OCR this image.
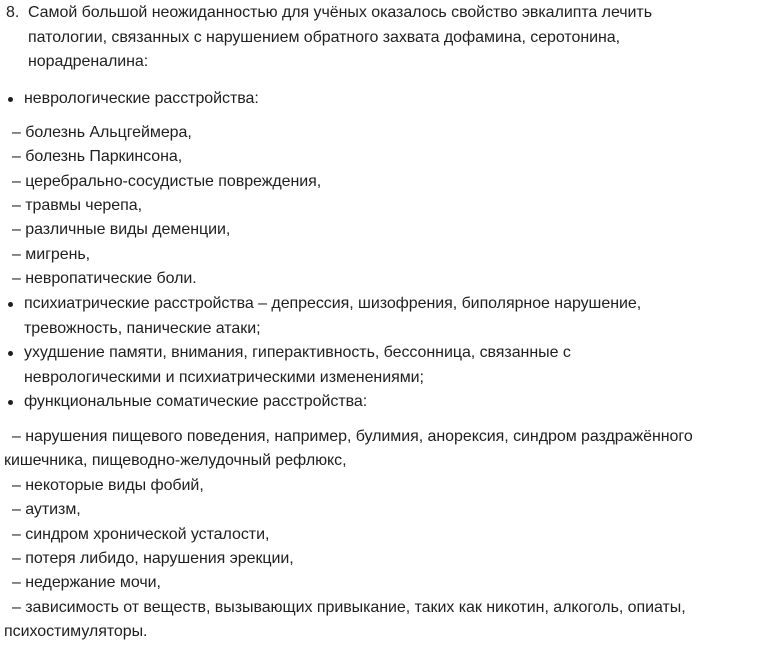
8. Самой большой неожиданностью для учёных оказалось свойство эвкалипта лечить
патологии, связанных с нарушением обратного захвата дофамина, серотонина,
норадреналина:
неврологические расстройства:
– болезнь Альцгеймера,
– болезнь Паркинсона,
– церебрально-сосудистые повреждения,
– травмы черепа,
– различные виды деменции,
– мигрень,
– невропатические боли.
психиатрические расстройства – депрессия, шизофрения, биполярное нарушение,
тревожность, панические атаки;
ухудшение памяти, внимания, гиперактивность, бессонница, связанные с
неврологическими и психиатрическими изменениями;
функциональные соматические расстройства:
– нарушения пищевого поведения, например, булимия, анорексия, синдром раздражённого
кишечника, пищеводно-желудочный рефлюкс,
– некоторые виды фобий,
– аутизм,
– синдром хронической усталости,
– потеря либидо, нарушения эрекции,
– недержание мочи,
– зависимость от веществ, вызывающих привыкание, таких как никотин, алкоголь, опиаты,
психостимуляторы.
